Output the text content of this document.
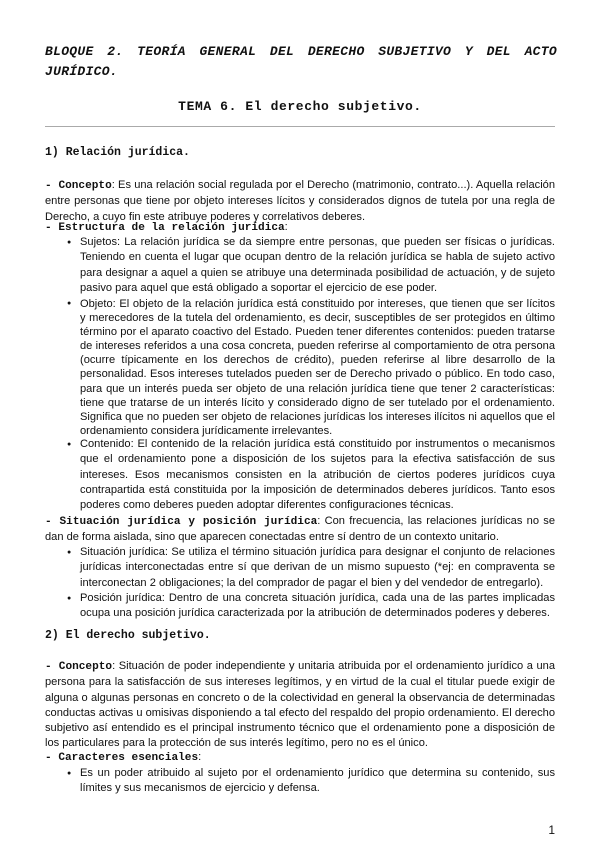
BLOQUE 2. TEORÍA GENERAL DEL DERECHO SUBJETIVO Y DEL ACTO JURÍDICO.
TEMA 6. El derecho subjetivo.
1) Relación jurídica.
- Concepto: Es una relación social regulada por el Derecho (matrimonio, contrato...). Aquella relación entre personas que tiene por objeto intereses lícitos y considerados dignos de tutela por una regla de Derecho, a cuyo fin este atribuye poderes y correlativos deberes.
- Estructura de la relación jurídica:
● Sujetos: La relación jurídica se da siempre entre personas, que pueden ser físicas o jurídicas. Teniendo en cuenta el lugar que ocupan dentro de la relación jurídica se habla de sujeto activo para designar a aquel a quien se atribuye una determinada posibilidad de actuación, y de sujeto pasivo para aquel que está obligado a soportar el ejercicio de ese poder.
● Objeto: El objeto de la relación jurídica está constituido por intereses, que tienen que ser lícitos y merecedores de la tutela del ordenamiento, es decir, susceptibles de ser protegidos en último término por el aparato coactivo del Estado. Pueden tener diferentes contenidos: pueden tratarse de intereses referidos a una cosa concreta, pueden referirse al comportamiento de otra persona (ocurre típicamente en los derechos de crédito), pueden referirse al libre desarrollo de la personalidad. Esos intereses tutelados pueden ser de Derecho privado o público. En todo caso, para que un interés pueda ser objeto de una relación jurídica tiene que tener 2 características: tiene que tratarse de un interés lícito y considerado digno de ser tutelado por el ordenamiento. Significa que no pueden ser objeto de relaciones jurídicas los intereses ilícitos ni aquellos que el ordenamiento considera jurídicamente irrelevantes.
● Contenido: El contenido de la relación jurídica está constituido por instrumentos o mecanismos que el ordenamiento pone a disposición de los sujetos para la efectiva satisfacción de sus intereses. Esos mecanismos consisten en la atribución de ciertos poderes jurídicos cuya contrapartida está constituida por la imposición de determinados deberes jurídicos. Tanto esos poderes como deberes pueden adoptar diferentes configuraciones técnicas.
- Situación jurídica y posición jurídica: Con frecuencia, las relaciones jurídicas no se dan de forma aislada, sino que aparecen conectadas entre sí dentro de un contexto unitario.
● Situación jurídica: Se utiliza el término situación jurídica para designar el conjunto de relaciones jurídicas interconectadas entre sí que derivan de un mismo supuesto (*ej: en compraventa se interconectan 2 obligaciones; la del comprador de pagar el bien y del vendedor de entregarlo).
● Posición jurídica: Dentro de una concreta situación jurídica, cada una de las partes implicadas ocupa una posición jurídica caracterizada por la atribución de determinados poderes y deberes.
2) El derecho subjetivo.
- Concepto: Situación de poder independiente y unitaria atribuida por el ordenamiento jurídico a una persona para la satisfacción de sus intereses legítimos, y en virtud de la cual el titular puede exigir de alguna o algunas personas en concreto o de la colectividad en general la observancia de determinadas conductas activas u omisivas disponiendo a tal efecto del respaldo del propio ordenamiento. El derecho subjetivo así entendido es el principal instrumento técnico que el ordenamiento pone a disposición de los particulares para la protección de sus interés legítimo, pero no es el único.
- Caracteres esenciales:
● Es un poder atribuido al sujeto por el ordenamiento jurídico que determina su contenido, sus límites y sus mecanismos de ejercicio y defensa.
1
